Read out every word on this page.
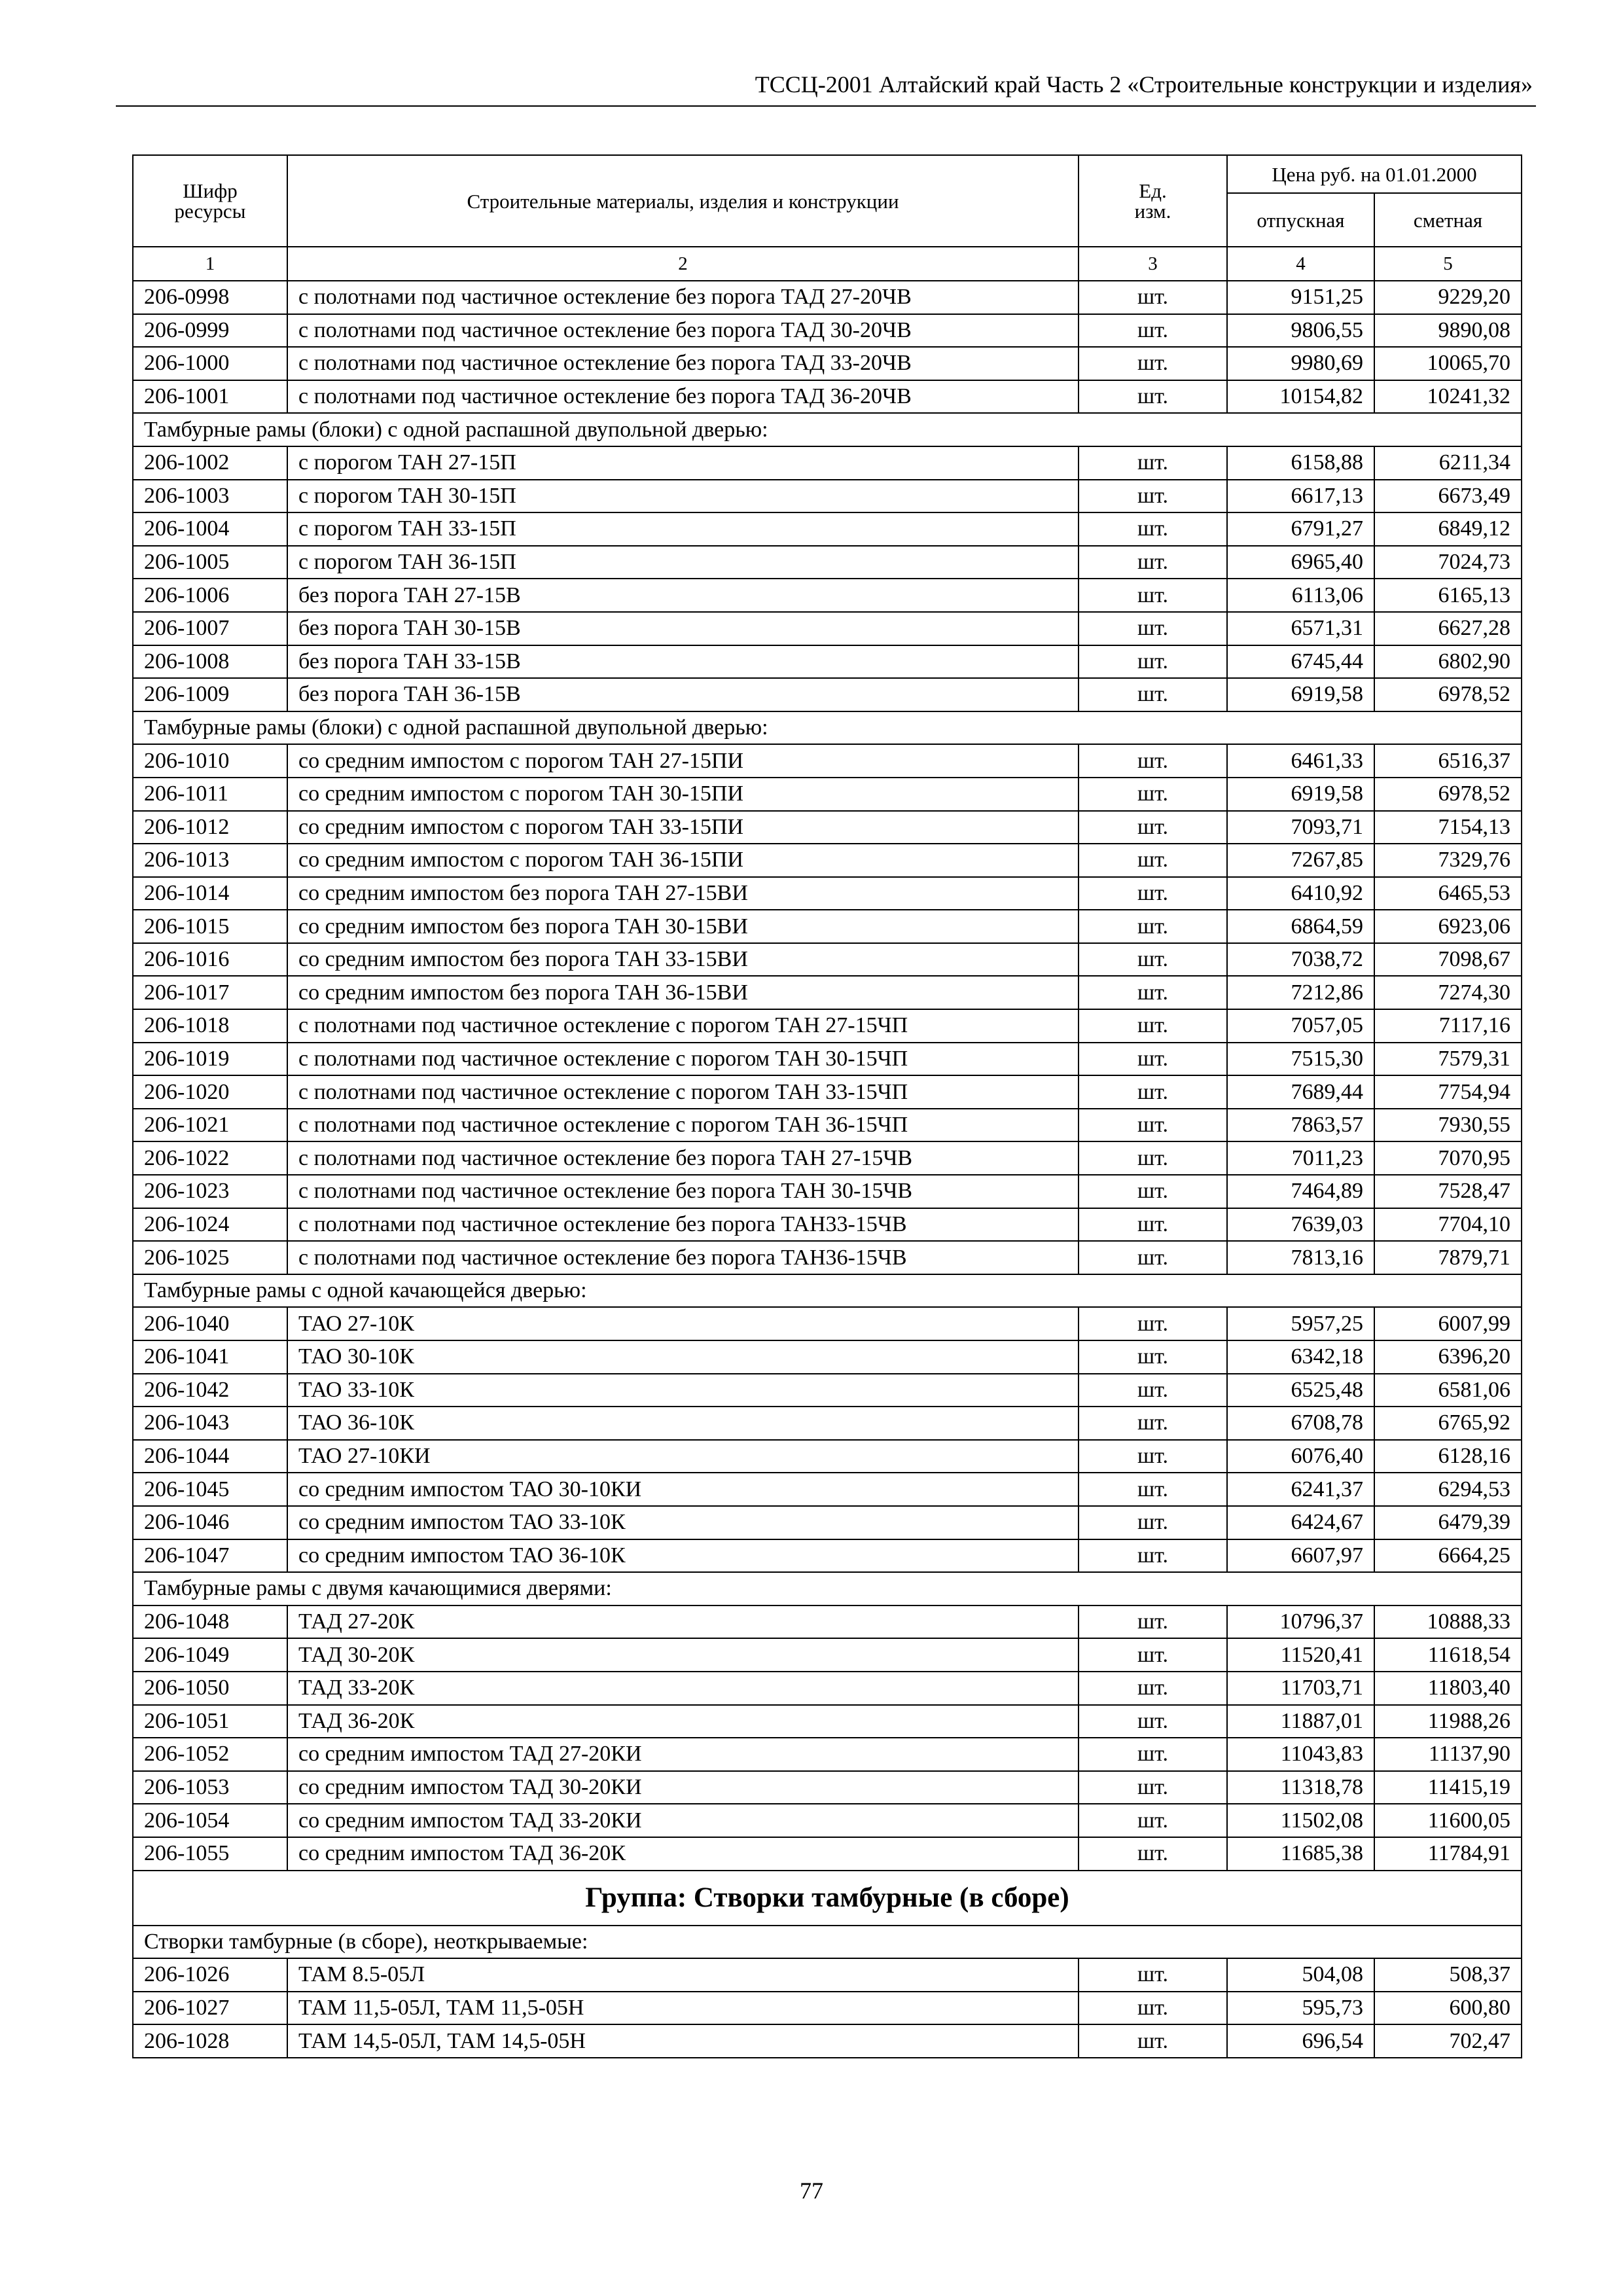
ТССЦ-2001 Алтайский край Часть 2 «Строительные конструкции и изделия»
Шифр ресурсы	Строительные материалы, изделия и конструкции	Ед. изм.	Цена руб. на 01.01.2000	
			отпускная	сметная
1	2	3	4	5
206-0998	с полотнами под частичное остекление без порога ТАД 27-20ЧВ	шт.	9151,25	9229,20
206-0999	с полотнами под частичное остекление без порога ТАД 30-20ЧВ	шт.	9806,55	9890,08
206-1000	с полотнами под частичное остекление без порога ТАД 33-20ЧВ	шт.	9980,69	10065,70
206-1001	с полотнами под частичное остекление без порога ТАД 36-20ЧВ	шт.	10154,82	10241,32
Тамбурные рамы (блоки) с одной распашной двупольной дверью:				
206-1002	с порогом ТАН 27-15П	шт.	6158,88	6211,34
206-1003	с порогом ТАН 30-15П	шт.	6617,13	6673,49
206-1004	с порогом ТАН 33-15П	шт.	6791,27	6849,12
206-1005	с порогом ТАН 36-15П	шт.	6965,40	7024,73
206-1006	без порога ТАН 27-15В	шт.	6113,06	6165,13
206-1007	без порога ТАН 30-15В	шт.	6571,31	6627,28
206-1008	без порога ТАН 33-15В	шт.	6745,44	6802,90
206-1009	без порога ТАН 36-15В	шт.	6919,58	6978,52
Тамбурные рамы (блоки) с одной распашной двупольной дверью:				
206-1010	со средним импостом с порогом ТАН 27-15ПИ	шт.	6461,33	6516,37
206-1011	со средним импостом с порогом ТАН 30-15ПИ	шт.	6919,58	6978,52
206-1012	со средним импостом с порогом ТАН 33-15ПИ	шт.	7093,71	7154,13
206-1013	со средним импостом с порогом ТАН 36-15ПИ	шт.	7267,85	7329,76
206-1014	со средним импостом без порога ТАН 27-15ВИ	шт.	6410,92	6465,53
206-1015	со средним импостом без порога ТАН 30-15ВИ	шт.	6864,59	6923,06
206-1016	со средним импостом без порога ТАН 33-15ВИ	шт.	7038,72	7098,67
206-1017	со средним импостом без порога ТАН 36-15ВИ	шт.	7212,86	7274,30
206-1018	с полотнами под частичное остекление с порогом ТАН 27-15ЧП	шт.	7057,05	7117,16
206-1019	с полотнами под частичное остекление с порогом ТАН 30-15ЧП	шт.	7515,30	7579,31
206-1020	с полотнами под частичное остекление с порогом ТАН 33-15ЧП	шт.	7689,44	7754,94
206-1021	с полотнами под частичное остекление с порогом ТАН 36-15ЧП	шт.	7863,57	7930,55
206-1022	с полотнами под частичное остекление без порога ТАН 27-15ЧВ	шт.	7011,23	7070,95
206-1023	с полотнами под частичное остекление без порога ТАН 30-15ЧВ	шт.	7464,89	7528,47
206-1024	с полотнами под частичное остекление без порога ТАН33-15ЧВ	шт.	7639,03	7704,10
206-1025	с полотнами под частичное остекление без порога ТАН36-15ЧВ	шт.	7813,16	7879,71
Тамбурные рамы с одной качающейся дверью:				
206-1040	ТАО 27-10К	шт.	5957,25	6007,99
206-1041	ТАО 30-10К	шт.	6342,18	6396,20
206-1042	ТАО 33-10К	шт.	6525,48	6581,06
206-1043	ТАО 36-10К	шт.	6708,78	6765,92
206-1044	ТАО 27-10КИ	шт.	6076,40	6128,16
206-1045	со средним импостом ТАО 30-10КИ	шт.	6241,37	6294,53
206-1046	со средним импостом ТАО 33-10К	шт.	6424,67	6479,39
206-1047	со средним импостом ТАО 36-10К	шт.	6607,97	6664,25
Тамбурные рамы с двумя качающимися дверями:				
206-1048	ТАД 27-20К	шт.	10796,37	10888,33
206-1049	ТАД 30-20К	шт.	11520,41	11618,54
206-1050	ТАД 33-20К	шт.	11703,71	11803,40
206-1051	ТАД 36-20К	шт.	11887,01	11988,26
206-1052	со средним импостом ТАД 27-20КИ	шт.	11043,83	11137,90
206-1053	со средним импостом ТАД 30-20КИ	шт.	11318,78	11415,19
206-1054	со средним импостом ТАД 33-20КИ	шт.	11502,08	11600,05
206-1055	со средним импостом ТАД 36-20К	шт.	11685,38	11784,91
Группа: Створки тамбурные (в сборе)				
Створки тамбурные (в сборе), неоткрываемые:				
206-1026	ТАМ 8.5-05Л	шт.	504,08	508,37
206-1027	ТАМ 11,5-05Л, ТАМ 11,5-05Н	шт.	595,73	600,80
206-1028	ТАМ 14,5-05Л, ТАМ 14,5-05Н	шт.	696,54	702,47
77
